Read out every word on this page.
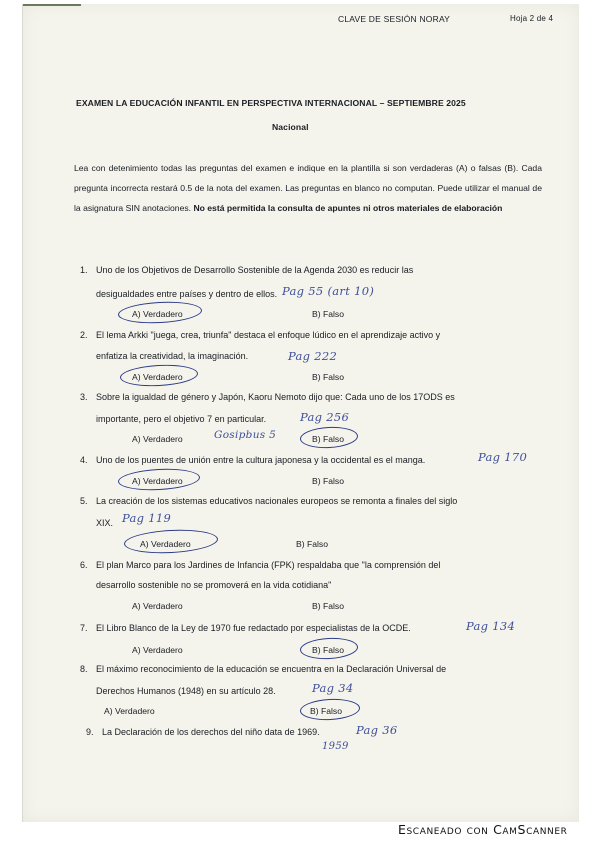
CLAVE DE SESIÓN NORAY	Hoja 2 de 4
EXAMEN LA EDUCACIÓN INFANTIL EN PERSPECTIVA INTERNACIONAL – SEPTIEMBRE 2025
Nacional
Lea con detenimiento todas las preguntas del examen e indique en la plantilla si son verdaderas (A) o falsas (B). Cada pregunta incorrecta restará 0.5 de la nota del examen. Las preguntas en blanco no computan. Puede utilizar el manual de la asignatura SIN anotaciones. No está permitida la consulta de apuntes ni otros materiales de elaboración
1. Uno de los Objetivos de Desarrollo Sostenible de la Agenda 2030 es reducir las
desigualdades entre países y dentro de ellos. Pag 55 (art 10)
A) Verdadero	B) Falso
2. El lema Arkki "juega, crea, triunfa" destaca el enfoque lúdico en el aprendizaje activo y
enfatiza la creatividad, la imaginación.	Pag 222
A) Verdadero	B) Falso
3. Sobre la igualdad de género y Japón, Kaoru Nemoto dijo que: Cada uno de los 17ODS es
importante, pero el objetivo 7 en particular.	Pag 256
A) Verdadero	Gosipbus 5	B) Falso
4. Uno de los puentes de unión entre la cultura japonesa y la occidental es el manga.	Pag 170
A) Verdadero	B) Falso
5. La creación de los sistemas educativos nacionales europeos se remonta a finales del siglo
XIX. Pag 119
A) Verdadero	B) Falso
6. El plan Marco para los Jardines de Infancia (FPK) respaldaba que "la comprensión del
desarrollo sostenible no se promoverá en la vida cotidiana"
A) Verdadero	B) Falso
7. El Libro Blanco de la Ley de 1970 fue redactado por especialistas de la OCDE.	Pag 134
A) Verdadero	B) Falso
8. El máximo reconocimiento de la educación se encuentra en la Declaración Universal de
Derechos Humanos (1948) en su artículo 28.	Pag 34
A) Verdadero	B) Falso
9. La Declaración de los derechos del niño data de 1969.	Pag 36
1959
Escaneado con CamScanner
